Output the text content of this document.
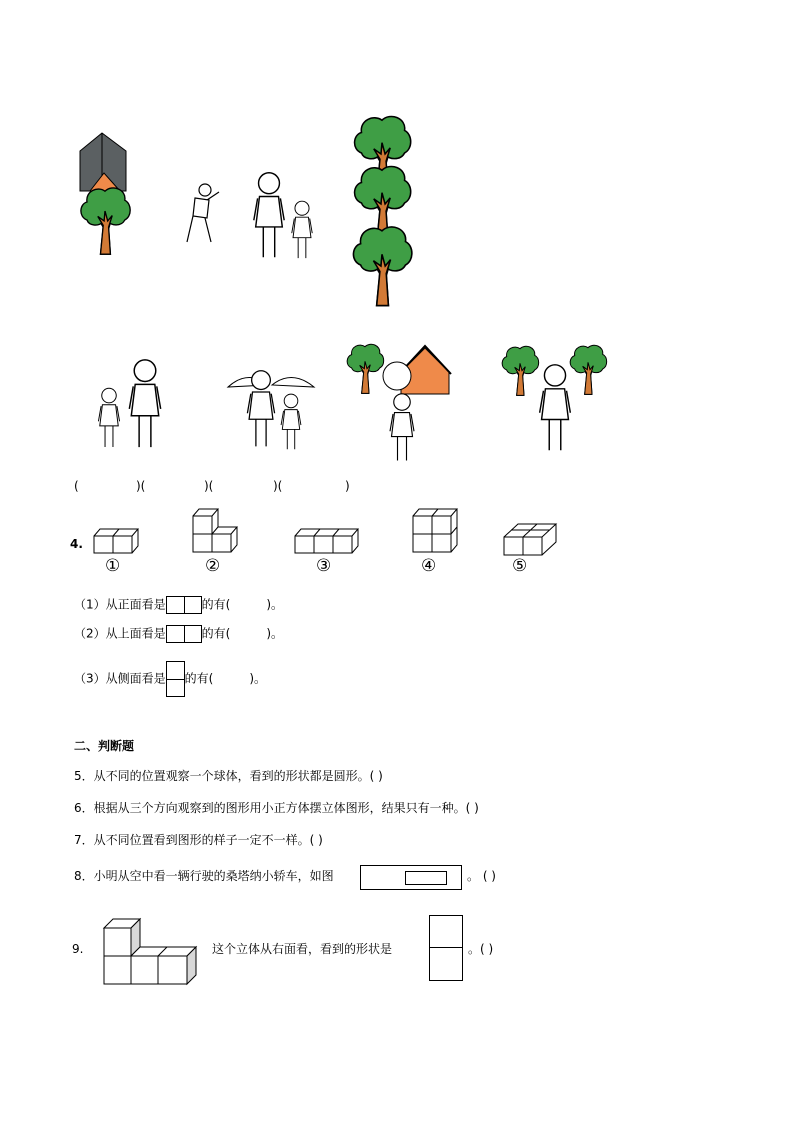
(	)(	)(	)(	)
4.
①	②	③	④	⑤
（1）从正面看是	的有(	)。
（2）从上面看是	的有(	)。
（3）从侧面看是 的有(	)。
二、判断题
5．从不同的位置观察一个球体，看到的形状都是圆形。( )
6．根据从三个方向观察到的图形用小正方体摆立体图形，结果只有一种。( )
7．从不同位置看到图形的样子一定不一样。( )
8．小明从空中看一辆行驶的桑塔纳小轿车，如图	。 ( )
9.	这个立体从右面看，看到的形状是	。( )
